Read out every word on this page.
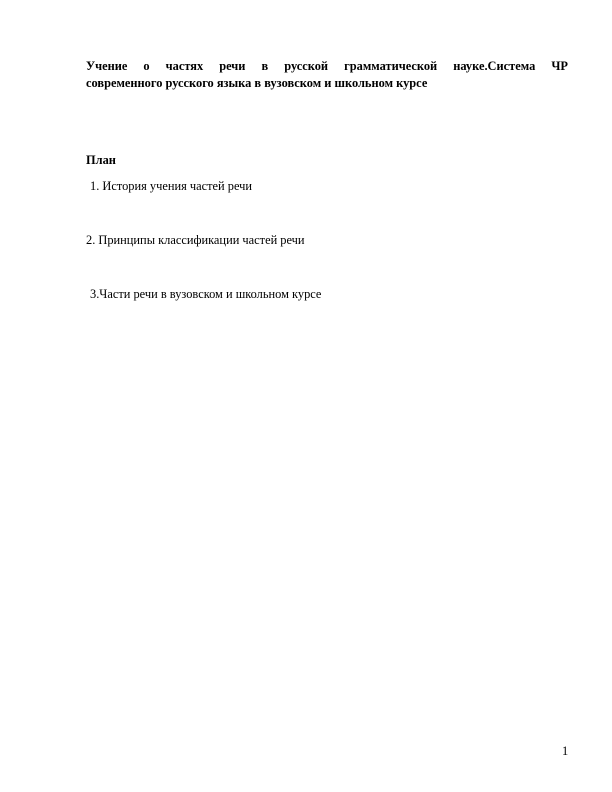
Учение о частях речи в русской грамматической науке.Система ЧР
современного русского языка в вузовском и школьном курсе
План

1. История учения частей речи

2. Принципы классификации частей речи

3.Части речи в вузовском и школьном курсе

1
